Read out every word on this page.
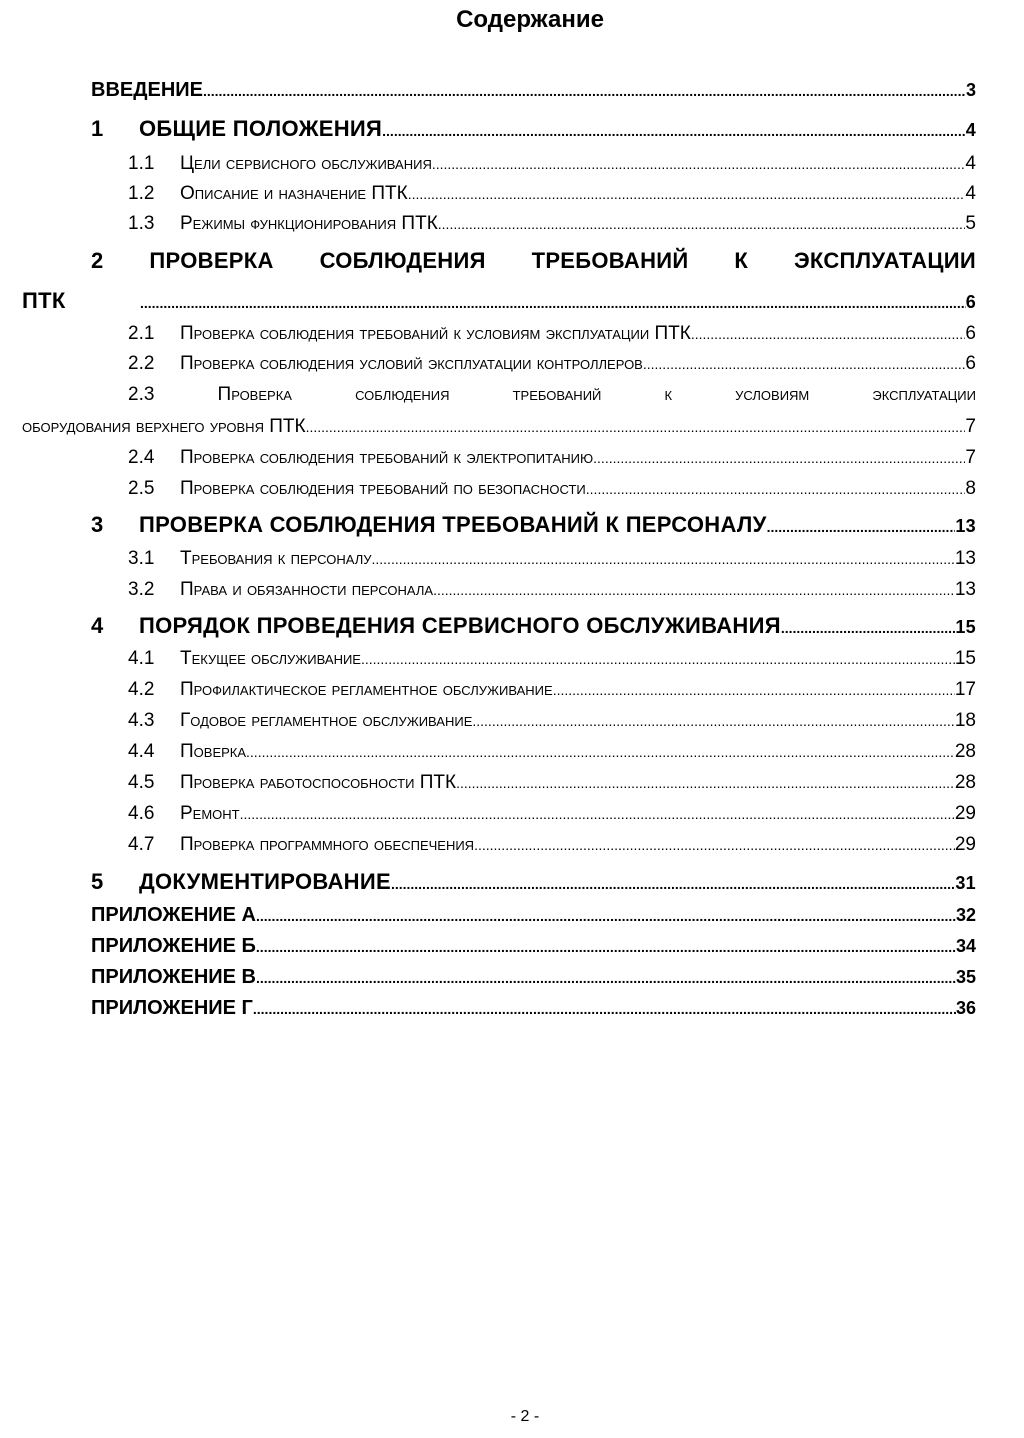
Содержание
ВВЕДЕНИЕ .....	3
1	ОБЩИЕ ПОЛОЖЕНИЯ .....	4
1.1	Цели сервисного обслуживания .....	4
1.2	Описание и назначение ПТК .....	4
1.3	Режимы функционирования ПТК .....	5
2 ПРОВЕРКА СОБЛЮДЕНИЯ ТРЕБОВАНИЙ К ЭКСПЛУАТАЦИИ
ПТК .....	6
2.1	Проверка соблюдения требований к условиям эксплуатации ПТК .....	6
2.2	Проверка соблюдения условий эксплуатации контроллеров .....	6
2.3	Проверка	соблюдения	требований	к	условиям	эксплуатации
оборудования верхнего уровня ПТК .....	7
2.4	Проверка соблюдения требований к электропитанию .....	7
2.5	Проверка соблюдения требований по безопасности .....	8
3	ПРОВЕРКА СОБЛЮДЕНИЯ ТРЕБОВАНИЙ К ПЕРСОНАЛУ .....	13
3.1	Требования к персоналу .....	13
3.2	Права и обязанности персонала .....	13
4	ПОРЯДОК ПРОВЕДЕНИЯ СЕРВИСНОГО ОБСЛУЖИВАНИЯ .....	15
4.1	Текущее обслуживание .....	15
4.2	Профилактическое регламентное обслуживание .....	17
4.3	Годовое регламентное обслуживание .....	18
4.4	Поверка .....	28
4.5	Проверка работоспособности ПТК .....	28
4.6	Ремонт .....	29
4.7	Проверка программного обеспечения .....	29
5	ДОКУМЕНТИРОВАНИЕ .....	31
ПРИЛОЖЕНИЕ А .....	32
ПРИЛОЖЕНИЕ Б .....	34
ПРИЛОЖЕНИЕ В .....	35
ПРИЛОЖЕНИЕ Г .....	36
- 2 -
